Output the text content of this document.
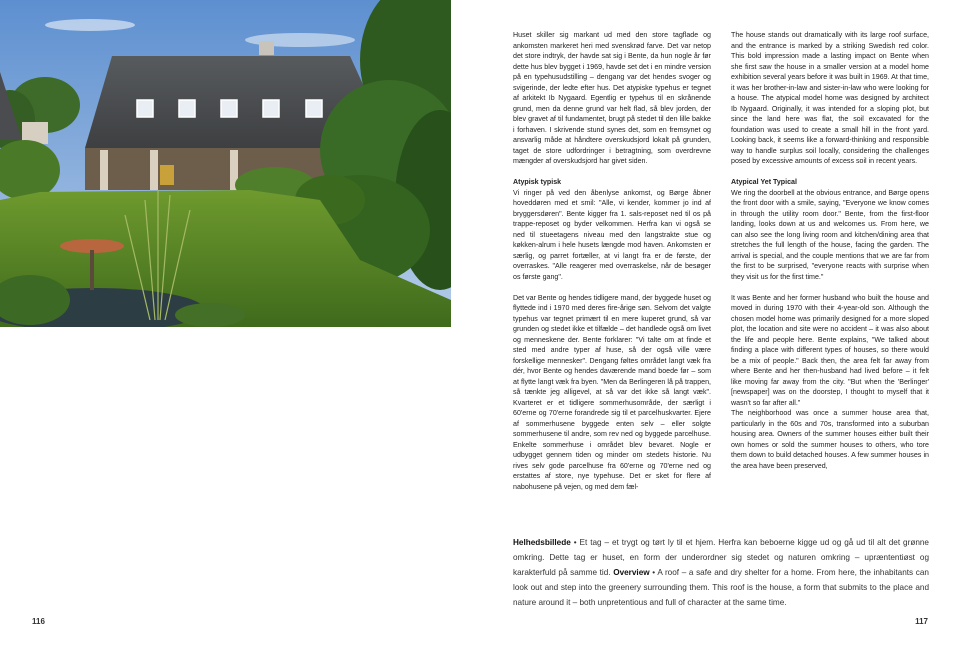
116

Huset skiller sig markant ud med den store tagflade og ankomsten markeret heri med svenskrød farve. Det var netop det store indtryk, der havde sat sig i Bente, da hun nogle år før dette hus blev bygget i 1969, havde set det i en mindre version på en typehusudstilling – dengang var det hendes svoger og svigerinde, der ledte efter hus. Det atypiske typehus er tegnet af arkitekt Ib Nygaard. Egentlig er typehus til en skrånende grund, men da denne grund var helt flad, så blev jorden, der blev gravet af til fundamentet, brugt på stedet til den lille bakke i forhaven. I skrivende stund synes det, som en fremsynet og ansvarlig måde at håndtere overskudsjord lokalt på grunden, taget de store udfordringer i betragtning, som overdrevne mængder af overskudsjord har givet siden.

Atypisk typisk

Vi ringer på ved den åbenlyse ankomst, og Børge åbner hoveddøren med et smil: "Alle, vi kender, kommer jo ind af bryggersdøren". Bente kigger fra 1. sals-reposet ned til os på trappe-reposet og byder velkommen. Herfra kan vi også se ned til stueetagens niveau med den langstrakte stue og køkken-alrum i hele husets længde mod haven. Ankomsten er særlig, og parret fortæller, at vi langt fra er de første, der overraskes. "Alle reagerer med overraskelse, når de besøger os første gang".

Det var Bente og hendes tidligere mand, der byggede huset og flyttede ind i 1970 med deres fire-årige søn. Selvom det valgte typehus var tegnet primært til en mere kuperet grund, så var grunden og stedet ikke et tilfælde – det handlede også om livet og menneskene der. Bente forklarer: "Vi talte om at finde et sted med andre typer af huse, så der også ville være forskellige mennesker". Dengang føltes området langt væk fra dér, hvor Bente og hendes daværende mand boede før – som at flytte langt væk fra byen. "Men da Berlingeren lå på trappen, så tænkte jeg alligevel, at så var det ikke så langt væk". Kvarteret er et tidligere sommerhusområde, der særligt i 60'erne og 70'erne forandrede sig til et parcelhuskvarter. Ejere af sommerhusene byggede enten selv – eller solgte sommerhusene til andre, som rev ned og byggede parcelhuse. Enkelte sommerhuse i området blev bevaret. Nogle er udbygget gennem tiden og minder om stedets historie. Nu rives selv gode parcelhuse fra 60'erne og 70'erne ned og erstattes af store, nye typehuse. Det er sket for flere af nabohusene på vejen, og med dem fæl-

The house stands out dramatically with its large roof surface, and the entrance is marked by a striking Swedish red color. This bold impression made a lasting impact on Bente when she first saw the house in a smaller version at a model home exhibition several years before it was built in 1969. At that time, it was her brother-in-law and sister-in-law who were looking for a house. The atypical model home was designed by architect Ib Nygaard. Originally, it was intended for a sloping plot, but since the land here was flat, the soil excavated for the foundation was used to create a small hill in the front yard. Looking back, it seems like a forward-thinking and responsible way to handle surplus soil locally, considering the challenges posed by excessive amounts of excess soil in recent years.

Atypical Yet Typical

We ring the doorbell at the obvious entrance, and Børge opens the front door with a smile, saying, "Everyone we know comes in through the utility room door." Bente, from the first-floor landing, looks down at us and welcomes us. From here, we can also see the long living room and kitchen/dining area that stretches the full length of the house, facing the garden. The arrival is special, and the couple mentions that we are far from the first to be surprised, "everyone reacts with surprise when they visit us for the first time."

It was Bente and her former husband who built the house and moved in during 1970 with their 4-year-old son. Although the chosen model home was primarily designed for a more sloped plot, the location and site were no accident – it was also about the life and people here. Bente explains, "We talked about finding a place with different types of houses, so there would be a mix of people." Back then, the area felt far away from where Bente and her then-husband had lived before – it felt like moving far away from the city. "But when the 'Berlinger' [newspaper] was on the doorstep, I thought to myself that it wasn't so far after all."

The neighborhood was once a summer house area that, particularly in the 60s and 70s, transformed into a suburban housing area. Owners of the summer houses either built their own homes or sold the summer houses to others, who tore them down to build detached houses. A few summer houses in the area have been preserved,

Helhedsbillede • Et tag – et trygt og tørt ly til et hjem. Herfra kan beboerne kigge ud og gå ud til alt det grønne omkring. Dette tag er huset, en form der underordner sig stedet og naturen omkring – upræntentiøst og karakterfuld på samme tid. Overview • A roof – a safe and dry shelter for a home. From here, the inhabitants can look out and step into the greenery surrounding them. This roof is the house, a form that submits to the place and nature around it – both unpretentious and full of character at the same time.
117
